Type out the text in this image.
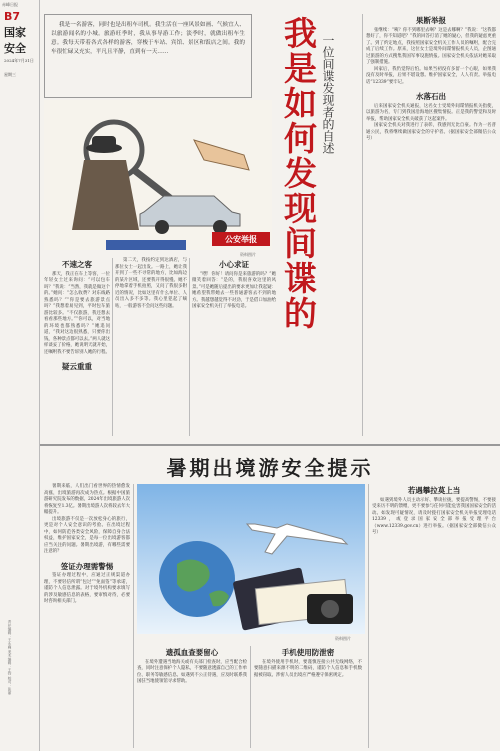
赤峰日报
B7
国家
安全
2024年7月31日
星期三
责任编辑：王永峰 美术编辑：王钧 校对：张丽

我是一名游客，同时也是出租车司机。我生活在一座风景如画、气候宜人、以旅游闻名的小城。旅游旺季时，我从事导游工作；淡季时，就做出租车生意。我每天带着各式各样的游客，穿梭于车站、宾馆、景区和饭店之间。我的车很忙碌又充实，平凡且平静，直到有一天……	我是如何发现间谍的 一位间谍发现者的自述
公安举报
资料图片
不速之客

那天，我正在车上等客，一位年轻女士过来询问：“可以包车吗？”我说：“当然，我就是做这个的。”她问：“怎么收费？对东线路熟悉吗？”“你是要去旅游景点吗？”我想着易见到，平时包车旅游比较多。“不仅旅游，我还想去看看那些地方。”“你可以，对当地的环境也都熟悉吗？”她追问道，“我对这边很熟悉，只要你出钱，各种景点都可以去。”两人就这样谈妥了价格，她说明天就开始，还嘱咐我不要告诉别人她的行程。

疑云重重

第二天，我按约定到达酒店，与那位女士一起出发。一路上，她让我开到了一些不寻常的地方，比如海边的某片区域，还要我开得很慢。她不停地拿着手机拍照，又问了我很多附近的情况，比如这里有什么单位、人员出入多不多等。我心里犯起了嘀咕，一般游客不会问这些问题。

小心求证

“嘿！你好！请问你是来旅游的吗？”她微笑着回答：“是的，我很喜欢这里的风景。”可是她随后提出的要求更加让我起疑：她希望我带她去一些普通游客去不到的地方。我越想越觉得不对劲，于是借口加油给国家安全机关打了举报电话。

果断举报

张继续：“咦？你不到哪里去啊？这是去哪啊？”我说：“这我都想好了，你不知道吧？”我的回答打消了她的疑心，但我的疑虑更重了。到了约定地点，我按照国家安全机关工作人员的嘱咐，配合完成了后续工作。原来，这位女士是境外间谍情报机关人员，企图通过旅游的方式搜集我国军事设施情报。国家安全机关依法对她采取了强制措施。

回家后，我仍觉得后怕。如果当初没有多留一个心眼，如果我没有及时举报，后果不堪设想。维护国家安全，人人有责。举报电话“12339”要牢记。

水落石出

后来国家安全机关通报，这名女士受境外间谍情报机关指使，以旅游为名，专门到我国沿海地区搜集情报。正是我的警觉和及时举报，帮助国家安全机关破获了这起案件。

国家安全机关对我进行了表彰，我感到无比自豪。作为一名普通公民，我将继续做国家安全的守护者。（据国家安全部微信公众号）

暑期出境游安全提示

暑期来临，人们出门看世界的热情愈发高涨，出境旅游再次成为热点。根据中国旅游研究院发布的数据，2024年出境旅游人次将恢复至1.3亿。暑期出境游人次将较去年大幅提升。

出境旅游不仅是一次放松身心的旅行，更是对个人安全意识的考验。在出境过程中，如何防范各类安全风险，保障自身合法权益，维护国家安全，是每一位出境游客都应当关注的问题。暑期出境游，有哪些需要注意的？

签证办理需警惕

签证办理过程中，应通过正规渠道办理，不要轻信所谓“包过”“免面签”等承诺，谨防个人信息泄露。对于境外机构要求填写的涉及敏感信息的表格，要审慎对待，必要时咨询相关部门。

资料图片
遗孤血查要留心

在境外遭遇当地海关或有关部门检查时，应当配合检查，同时注意保护个人隐私，不要随意透露自己的工作单位、职务等敏感信息。如遇到不公正待遇，应及时联系我国驻当地使领馆寻求帮助。

手机使用防泄密

在境外使用手机时，要谨慎连接公共无线网络，不要随意扫描来源不明的二维码，谨防个人信息和手机数据被窃取。涉密人员出境应严格遵守保密规定。

若遇攀拉莫上当

如遇到境外人员主动示好、攀谈拉拢，要提高警惕，不要接受来历不明的馈赠，更不要参与任何可能危害我国国家安全的活动。如发现可疑情况，请及时拨打国家安全机关举报受理电话12339，或登录国家安全部举报受理平台（www.12339.gov.cn）进行举报。（据国家安全部微信公众号）
